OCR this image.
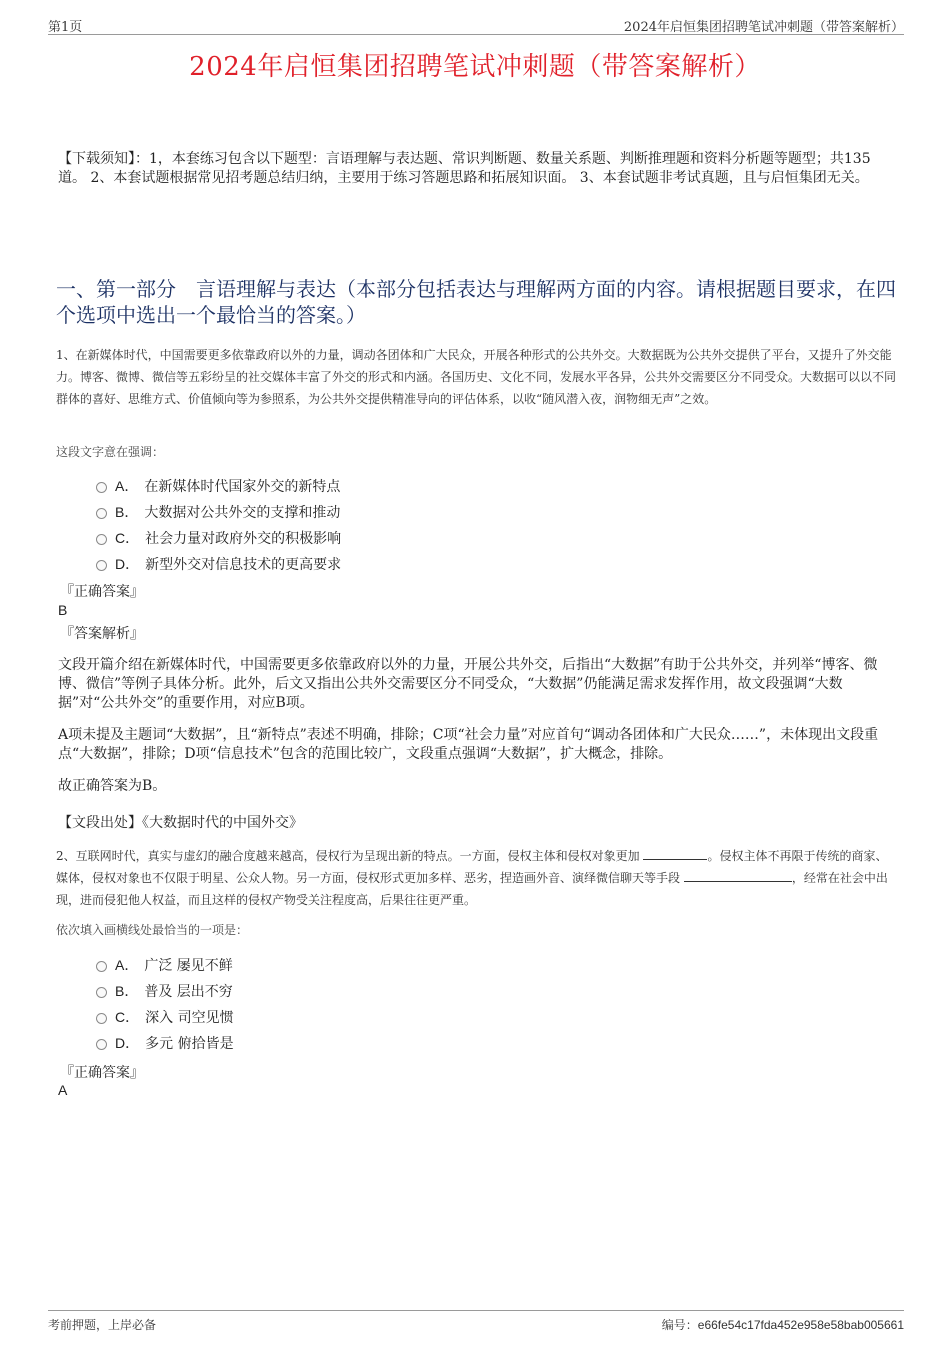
第1页	2024年启恒集团招聘笔试冲刺题（带答案解析）
2024年启恒集团招聘笔试冲刺题（带答案解析）
【下载须知】：1，本套练习包含以下题型：言语理解与表达题、常识判断题、数量关系题、判断推理题和资料分析题等题型；共135道。 2、本套试题根据常见招考题总结归纳，主要用于练习答题思路和拓展知识面。 3、本套试题非考试真题，且与启恒集团无关。
一、第一部分 言语理解与表达（本部分包括表达与理解两方面的内容。请根据题目要求，在四个选项中选出一个最恰当的答案。）
1、在新媒体时代，中国需要更多依靠政府以外的力量，调动各团体和广大民众，开展各种形式的公共外交。大数据既为公共外交提供了平台，又提升了外交能力。博客、微博、微信等五彩纷呈的社交媒体丰富了外交的形式和内涵。各国历史、文化不同，发展水平各异，公共外交需要区分不同受众。大数据可以以不同群体的喜好、思维方式、价值倾向等为参照系，为公共外交提供精准导向的评估体系，以收“随风潜入夜，润物细无声”之效。
这段文字意在强调：
A． 在新媒体时代国家外交的新特点
B． 大数据对公共外交的支撑和推动
C． 社会力量对政府外交的积极影响
D． 新型外交对信息技术的更高要求
『正确答案』
B
『答案解析』
文段开篇介绍在新媒体时代，中国需要更多依靠政府以外的力量，开展公共外交，后指出“大数据”有助于公共外交，并列举“博客、微博、微信”等例子具体分析。此外，后文又指出公共外交需要区分不同受众，“大数据”仍能满足需求发挥作用，故文段强调“大数据”对“公共外交”的重要作用，对应B项。
A项未提及主题词“大数据”，且“新特点”表述不明确，排除；C项“社会力量”对应首句“调动各团体和广大民众……”，未体现出文段重点“大数据”，排除；D项“信息技术”包含的范围比较广，文段重点强调“大数据”，扩大概念，排除。
故正确答案为B。
【文段出处】《大数据时代的中国外交》
2、互联网时代，真实与虚幻的融合度越来越高，侵权行为呈现出新的特点。一方面，侵权主体和侵权对象更加	。侵权主体不再限于传统的商家、媒体，侵权对象也不仅限于明星、公众人物。另一方面，侵权形式更加多样、恶劣，捏造画外音、演绎微信聊天等手段	，经常在社会中出现，进而侵犯他人权益，而且这样的侵权产物受关注程度高，后果往往更严重。
依次填入画横线处最恰当的一项是：
A． 广泛 屡见不鲜
B． 普及 层出不穷
C． 深入 司空见惯
D． 多元 俯拾皆是
『正确答案』
A
考前押题，上岸必备	编号：e66fe54c17fda452e958e58bab005661
